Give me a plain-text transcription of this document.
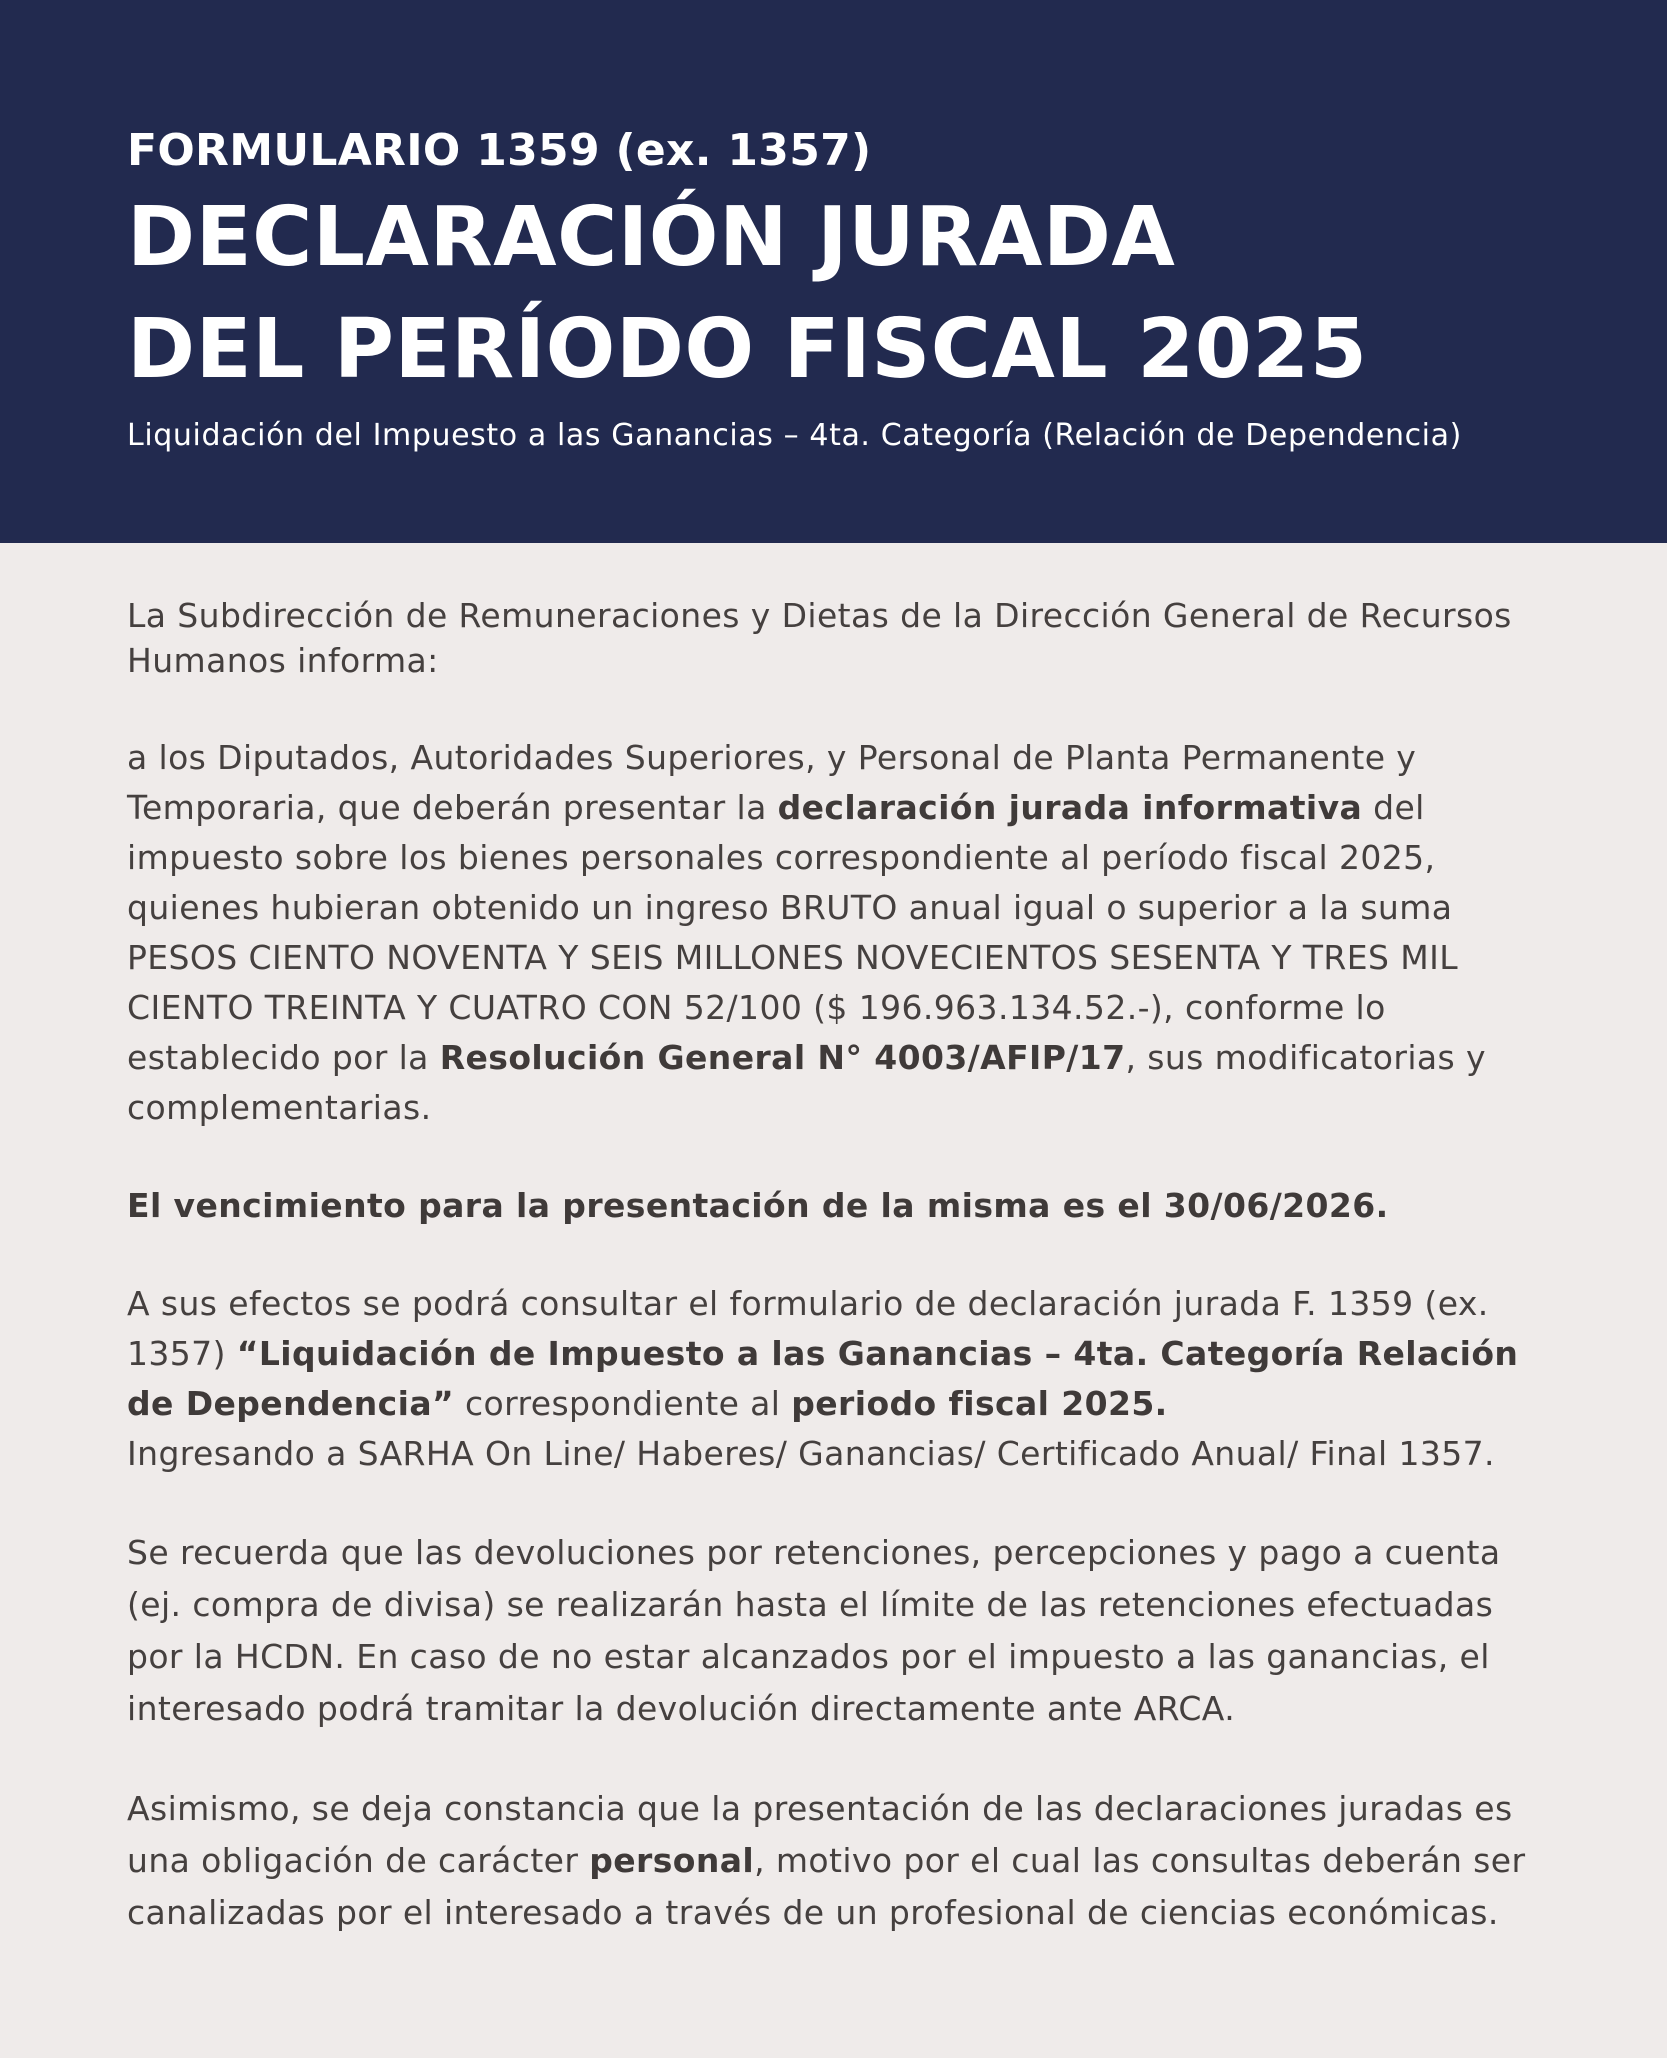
FORMULARIO 1359 (ex. 1357)
DECLARACIÓN JURADA
DEL PERÍODO FISCAL 2025
Liquidación del Impuesto a las Ganancias – 4ta. Categoría (Relación de Dependencia)

La Subdirección de Remuneraciones y Dietas de la Dirección General de Recursos Humanos informa:

a los Diputados, Autoridades Superiores, y Personal de Planta Permanente y Temporaria, que deberán presentar la declaración jurada informativa del impuesto sobre los bienes personales correspondiente al período fiscal 2025, quienes hubieran obtenido un ingreso BRUTO anual igual o superior a la suma PESOS CIENTO NOVENTA Y SEIS MILLONES NOVECIENTOS SESENTA Y TRES MIL CIENTO TREINTA Y CUATRO CON 52/100 ($ 196.963.134.52.-), conforme lo establecido por la Resolución General N° 4003/AFIP/17, sus modificatorias y complementarias.

El vencimiento para la presentación de la misma es el 30/06/2026.

A sus efectos se podrá consultar el formulario de declaración jurada F. 1359 (ex. 1357) “Liquidación de Impuesto a las Ganancias – 4ta. Categoría Relación de Dependencia” correspondiente al periodo fiscal 2025.
Ingresando a SARHA On Line/ Haberes/ Ganancias/ Certificado Anual/ Final 1357.

Se recuerda que las devoluciones por retenciones, percepciones y pago a cuenta (ej. compra de divisa) se realizarán hasta el límite de las retenciones efectuadas por la HCDN. En caso de no estar alcanzados por el impuesto a las ganancias, el interesado podrá tramitar la devolución directamente ante ARCA.

Asimismo, se deja constancia que la presentación de las declaraciones juradas es una obligación de carácter personal, motivo por el cual las consultas deberán ser canalizadas por el interesado a través de un profesional de ciencias económicas.
